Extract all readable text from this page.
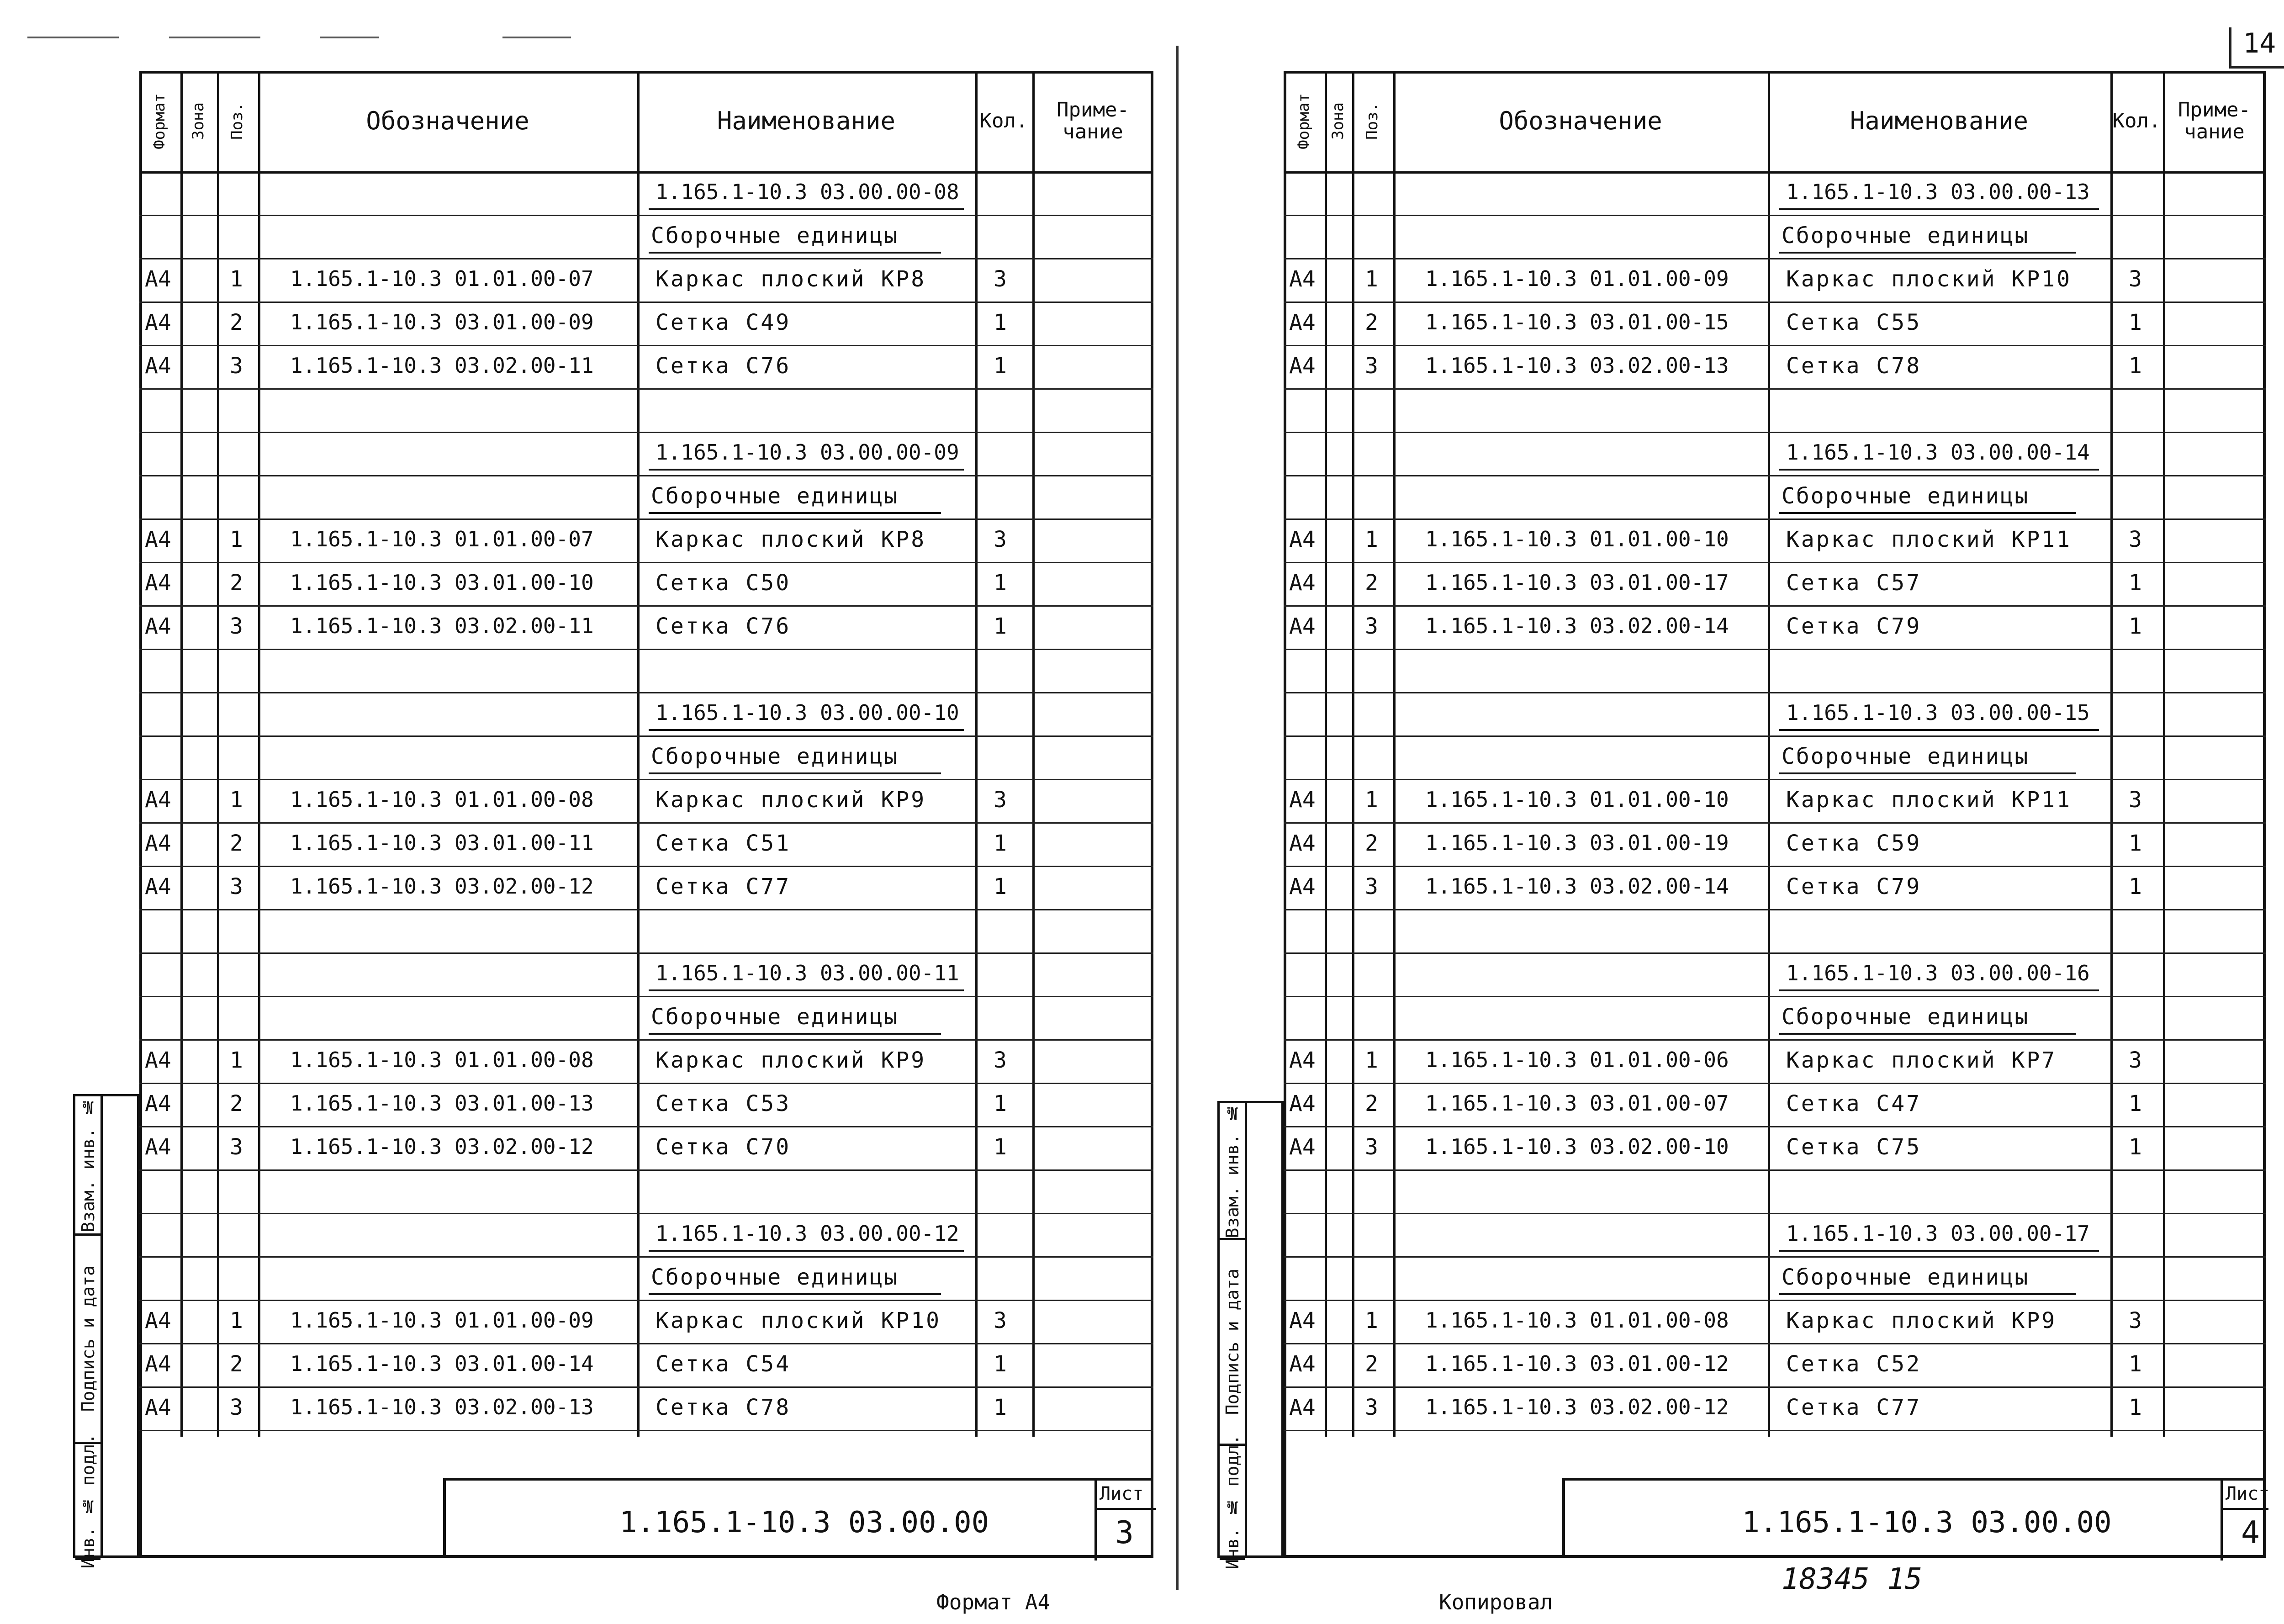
14
Формат Зона Поз.	Обозначение	Наименование	Кол. Приме-
чание
1.165.1-10.3 03.00.00-08
Сборочные единицы
А4	1 1.165.1-10.3 01.01.00-07	Каркас плоский КР8	3
А4	2 1.165.1-10.3 03.01.00-09	Сетка С49	1
А4	3 1.165.1-10.3 03.02.00-11	Сетка С76	1
1.165.1-10.3 03.00.00-09
Сборочные единицы
А4	1 1.165.1-10.3 01.01.00-07	Каркас плоский КР8	3
А4	2 1.165.1-10.3 03.01.00-10	Сетка С50	1
А4	3 1.165.1-10.3 03.02.00-11	Сетка С76	1
1.165.1-10.3 03.00.00-10
Сборочные единицы
А4	1 1.165.1-10.3 01.01.00-08	Каркас плоский КР9	3
А4	2 1.165.1-10.3 03.01.00-11	Сетка С51	1
А4	3 1.165.1-10.3 03.02.00-12	Сетка С77	1
1.165.1-10.3 03.00.00-11
Сборочные единицы
А4	1 1.165.1-10.3 01.01.00-08	Каркас плоский КР9	3
А4	2 1.165.1-10.3 03.01.00-13	Сетка С53	1
А4	3 1.165.1-10.3 03.02.00-12	Сетка С70	1
1.165.1-10.3 03.00.00-12
Сборочные единицы
А4	1 1.165.1-10.3 01.01.00-09	Каркас плоский КР10 3
А4	2 1.165.1-10.3 03.01.00-14	Сетка С54	1
А4	3 1.165.1-10.3 03.02.00-13	Сетка С78	1
Лист
3
1.165.1-10.3 03.00.00
Взам. инв. №
Подпись и дата
Инв. № подл.
Формат А4
Формат Зона Поз.	Обозначение	Наименование	Кол. Приме-
чание
1.165.1-10.3 03.00.00-13
Сборочные единицы
А4 1 1.165.1-10.3 01.01.00-09	Каркас плоский КР10	3
А4 2 1.165.1-10.3 03.01.00-15	Сетка С55	1
А4 3 1.165.1-10.3 03.02.00-13	Сетка С78	1
1.165.1-10.3 03.00.00-14
Сборочные единицы
А4 1 1.165.1-10.3 01.01.00-10	Каркас плоский КР11	3
А4 2 1.165.1-10.3 03.01.00-17	Сетка С57	1
А4 3 1.165.1-10.3 03.02.00-14	Сетка С79	1
1.165.1-10.3 03.00.00-15
Сборочные единицы
А4 1 1.165.1-10.3 01.01.00-10	Каркас плоский КР11	3
А4 2 1.165.1-10.3 03.01.00-19	Сетка С59	1
А4 3 1.165.1-10.3 03.02.00-14	Сетка С79	1
1.165.1-10.3 03.00.00-16
Сборочные единицы
А4 1 1.165.1-10.3 01.01.00-06	Каркас плоский КР7	3
А4 2 1.165.1-10.3 03.01.00-07	Сетка С47	1
А4 3 1.165.1-10.3 03.02.00-10	Сетка С75	1
1.165.1-10.3 03.00.00-17
Сборочные единицы
А4 1 1.165.1-10.3 01.01.00-08	Каркас плоский КР9	3
А4 2 1.165.1-10.3 03.01.00-12	Сетка С52	1
А4 3 1.165.1-10.3 03.02.00-12	Сетка С77	1
Лист
4
1.165.1-10.3 03.00.00
Взам. инв. №
Подпись и дата
Инв. № подл.
Копировал
18345 15
